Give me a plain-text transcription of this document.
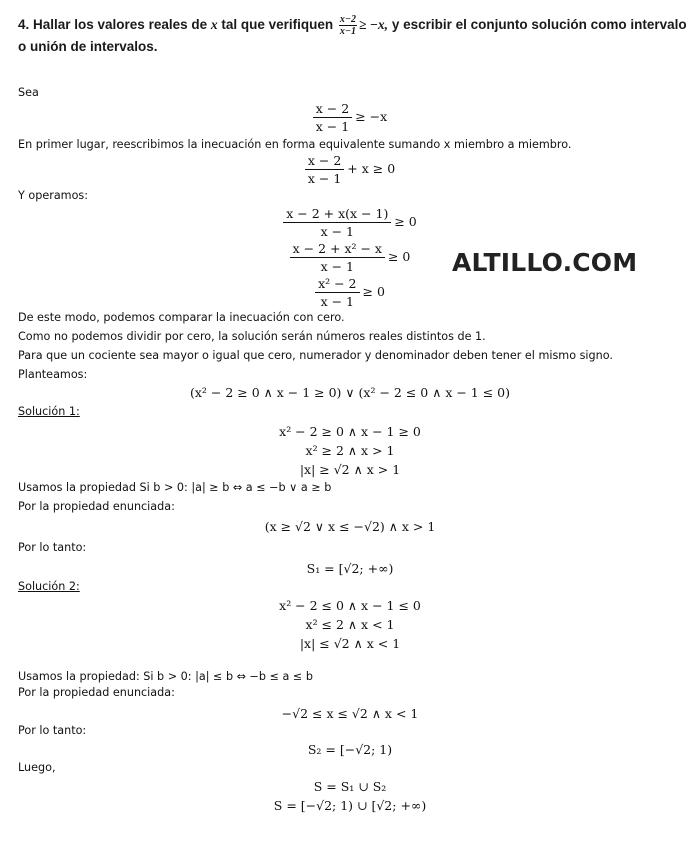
4. Hallar los valores reales de x tal que verifiquen $\frac{x-2}{x-1} \ge -x$, y escribir el conjunto solución como intervalo o unión de intervalos.
Sea
$\frac{x - 2}{x - 1} \ge -x$
En primer lugar, reescribimos la inecuación en forma equivalente sumando x miembro a miembro.
$\frac{x - 2}{x - 1} + x \ge 0$
Y operamos:
$\frac{x - 2 + x(x - 1)}{x - 1} \ge 0$
$\frac{\text{x − 2 + x² − x}}{x - 1} \ge 0$
$\frac{\text{x² − 2}}{x - 1} \ge 0$
ALTILLO.COM
De este modo, podemos comparar la inecuación con cero.
Como no podemos dividir por cero, la solución serán números reales distintos de 1.
Para que un cociente sea mayor o igual que cero, numerador y denominador deben tener el mismo signo.
Planteamos:
(x² − 2 ≥ 0 ∧ x − 1 ≥ 0) ∨ (x² − 2 ≤ 0 ∧ x − 1 ≤ 0)
Solución 1:
x² − 2 ≥ 0 ∧ x − 1 ≥ 0
x² ≥ 2 ∧ x > 1
|x| ≥ √2 ∧ x > 1
Usamos la propiedad Si b > 0: |a| ≥ b ⇔ a ≤ −b ∨ a ≥ b
Por la propiedad enunciada:
(x ≥ √2 ∨ x ≤ −√2) ∧ x > 1
Por lo tanto:
S₁ = [√2; +∞)
Solución 2:
x² − 2 ≤ 0 ∧ x − 1 ≤ 0
x² ≤ 2 ∧ x < 1
|x| ≤ √2 ∧ x < 1
Usamos la propiedad: Si b > 0: |a| ≤ b ⇔ −b ≤ a ≤ b
Por la propiedad enunciada:
−√2 ≤ x ≤ √2 ∧ x < 1
Por lo tanto:
S₂ = [−√2; 1)
Luego,
S = S₁ ∪ S₂
S = [−√2; 1) ∪ [√2; +∞)
